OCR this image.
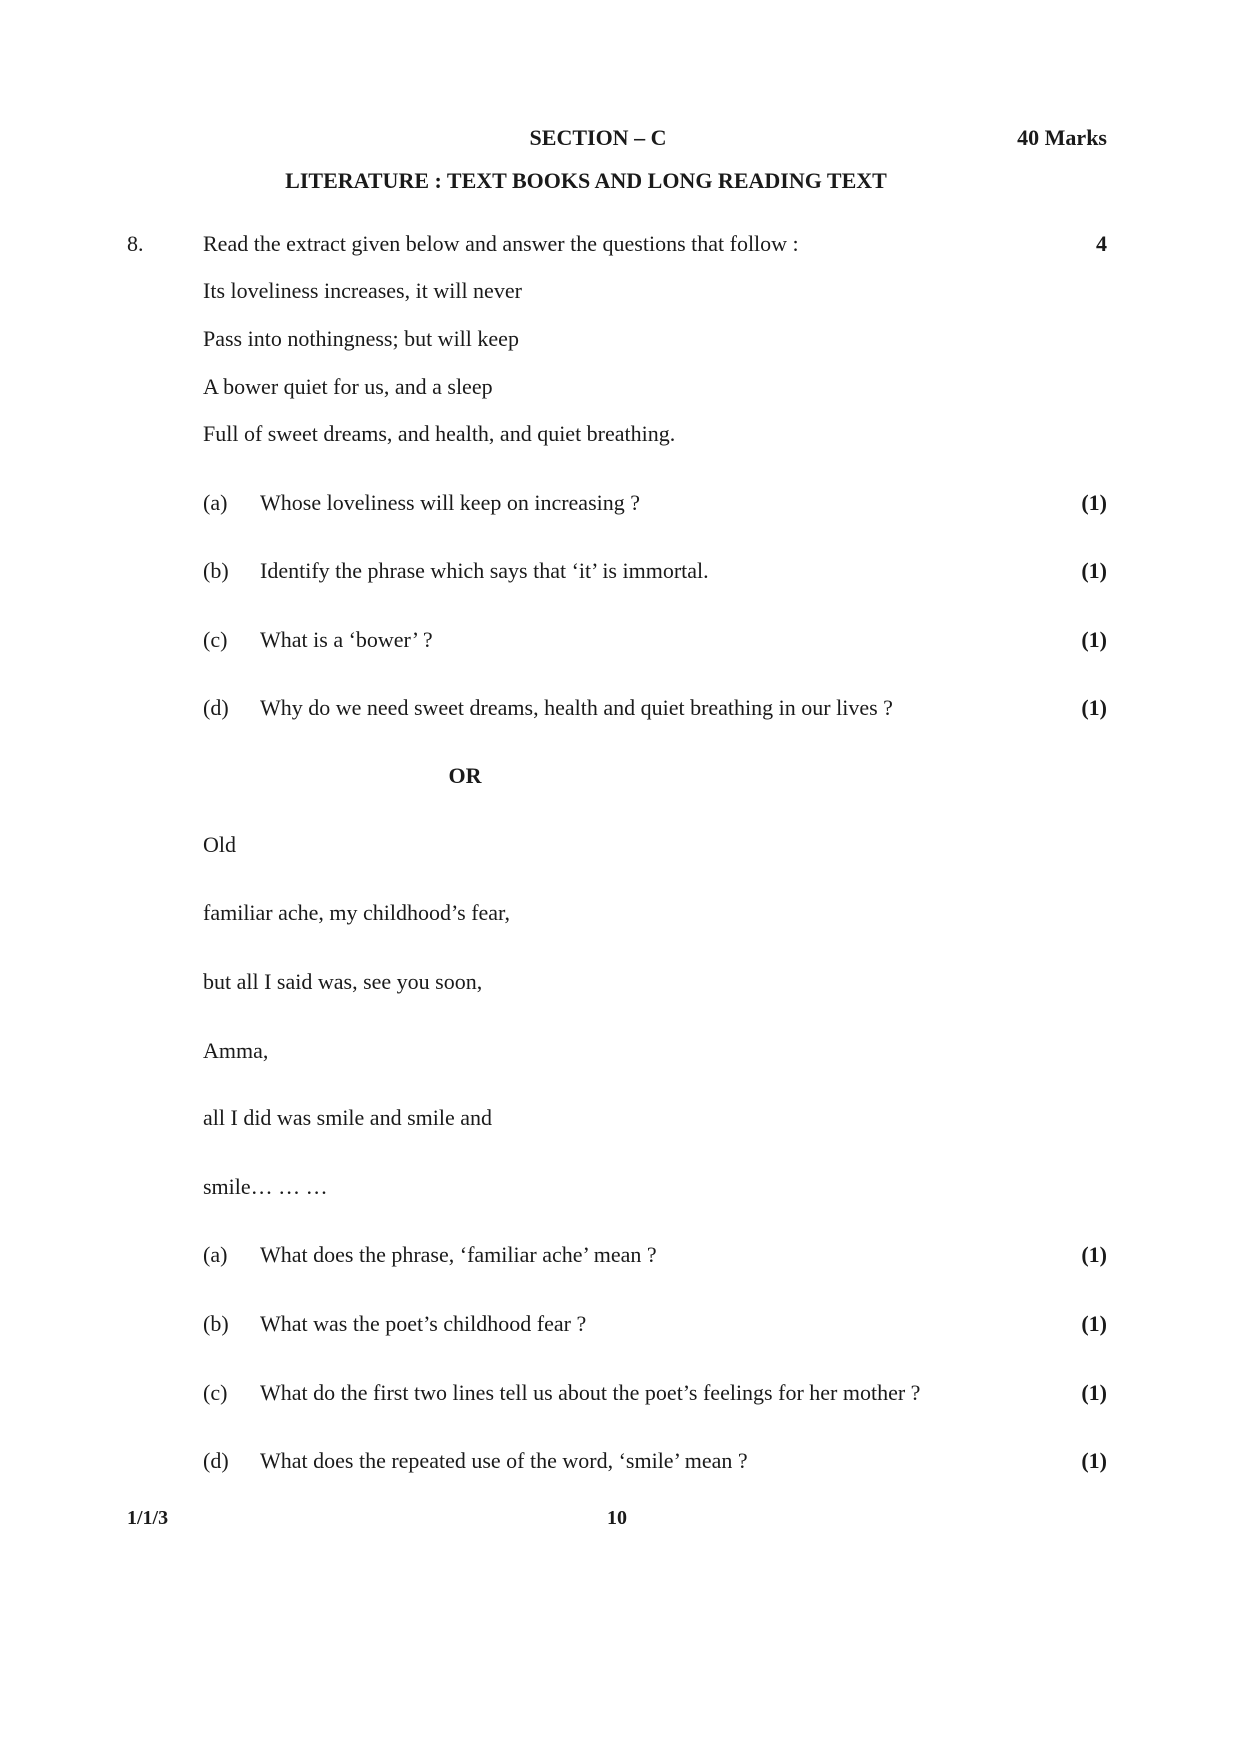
SECTION – C	40 Marks
LITERATURE : TEXT BOOKS AND LONG READING TEXT
8.	Read the extract given below and answer the questions that follow :	4
Its loveliness increases, it will never
Pass into nothingness; but will keep
A bower quiet for us, and a sleep
Full of sweet dreams, and health, and quiet breathing.
(a) Whose loveliness will keep on increasing ?	(1)
(b) Identify the phrase which says that ‘it’ is immortal.	(1)
(c) What is a ‘bower’ ?	(1)
(d) Why do we need sweet dreams, health and quiet breathing in our lives ?	(1)
OR
Old
familiar ache, my childhood’s fear,
but all I said was, see you soon,
Amma,
all I did was smile and smile and
smile… … …
(a) What does the phrase, ‘familiar ache’ mean ?	(1)
(b) What was the poet’s childhood fear ?	(1)
(c) What do the first two lines tell us about the poet’s feelings for her mother ?	(1)
(d) What does the repeated use of the word, ‘smile’ mean ?	(1)
1/1/3	10
